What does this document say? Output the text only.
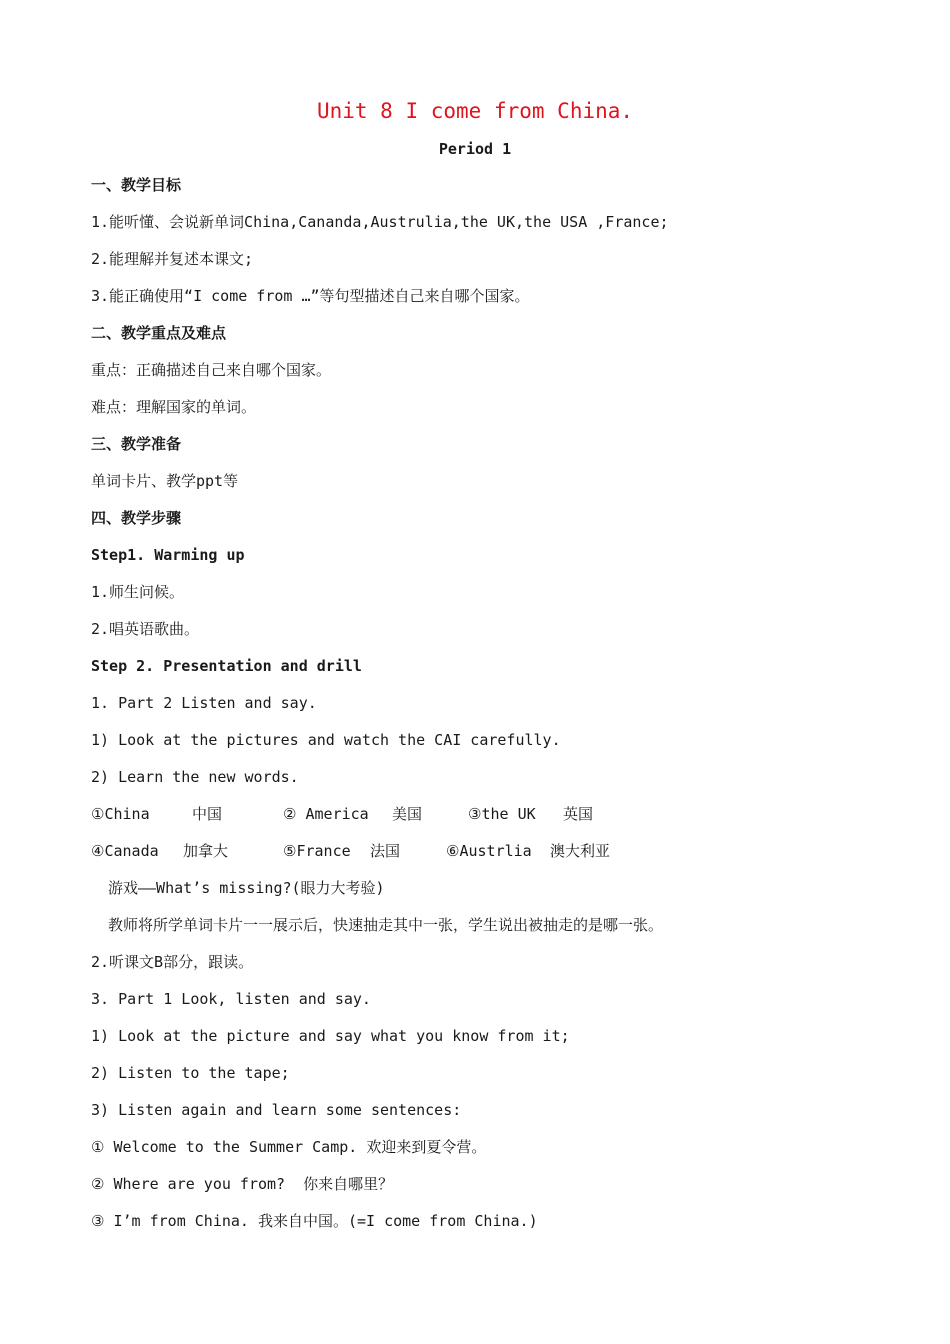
Unit 8 I come from China.
Period 1
一、教学目标
1.能听懂、会说新单词China,Cananda,Austrulia,the UK,the USA ,France;
2.能理解并复述本课文;
3.能正确使用“I come from …”等句型描述自己来自哪个国家。
二、教学重点及难点
重点：正确描述自己来自哪个国家。
难点：理解国家的单词。
三、教学准备
单词卡片、教学ppt等
四、教学步骤
Step1. Warming up
1.师生问候。
2.唱英语歌曲。
Step 2. Presentation and drill
1. Part 2 Listen and say.
1) Look at the pictures and watch the CAI carefully.
2) Learn the new words.
①China	中国	② America 美国	③the UK 英国
④Canada 加拿大	⑤France 法国	⑥Austrlia 澳大利亚
游戏——What’s missing?(眼力大考验)
教师将所学单词卡片一一展示后，快速抽走其中一张，学生说出被抽走的是哪一张。
2.听课文B部分，跟读。
3. Part 1 Look, listen and say.
1) Look at the picture and say what you know from it;
2) Listen to the tape;
3) Listen again and learn some sentences:
① Welcome to the Summer Camp. 欢迎来到夏令营。
② Where are you from?  你来自哪里？
③ I’m from China. 我来自中国。(=I come from China.)
